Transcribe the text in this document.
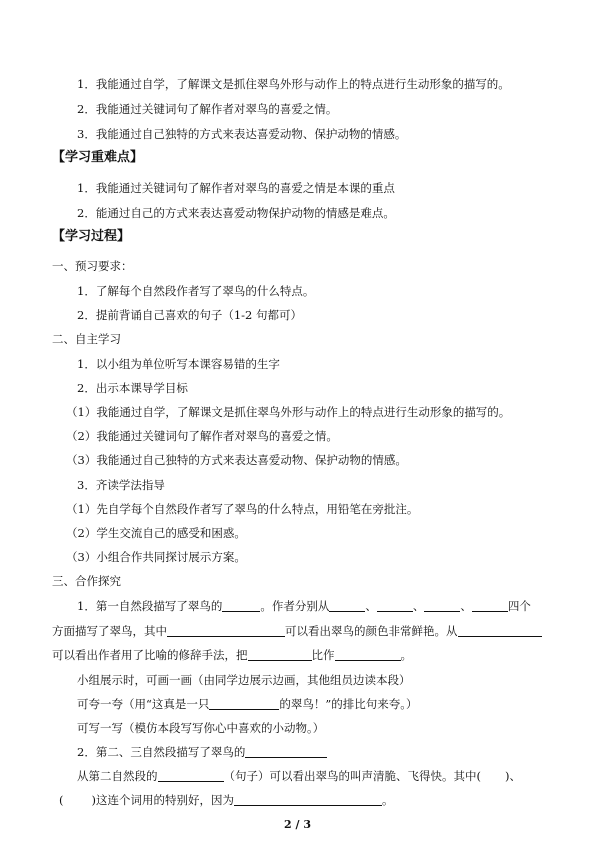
1．我能通过自学，了解课文是抓住翠鸟外形与动作上的特点进行生动形象的描写的。
2．我能通过关键词句了解作者对翠鸟的喜爱之情。
3．我能通过自己独特的方式来表达喜爱动物、保护动物的情感。
【学习重难点】
1．我能通过关键词句了解作者对翠鸟的喜爱之情是本课的重点
2．能通过自己的方式来表达喜爱动物保护动物的情感是难点。
【学习过程】
一、预习要求：
1．了解每个自然段作者写了翠鸟的什么特点。
2．提前背诵自己喜欢的句子（1-2 句都可）
二、自主学习
1．以小组为单位听写本课容易错的生字
2．出示本课导学目标
（1）我能通过自学，了解课文是抓住翠鸟外形与动作上的特点进行生动形象的描写的。
（2）我能通过关键词句了解作者对翠鸟的喜爱之情。
（3）我能通过自己独特的方式来表达喜爱动物、保护动物的情感。
3．齐读学法指导
（1）先自学每个自然段作者写了翠鸟的什么特点，用铅笔在旁批注。
（2）学生交流自己的感受和困惑。
（3）小组合作共同探讨展示方案。
三、合作探究
1．第一自然段描写了翠鸟的	。作者分别从	、	、	、	四个
方面描写了翠鸟，其中	可以看出翠鸟的颜色非常鲜艳。从
可以看出作者用了比喻的修辞手法，把	比作	。
小组展示时，可画一画（由同学边展示边画，其他组员边读本段）
可夸一夸（用“这真是一只	的翠鸟！”的排比句来夸。）
可写一写（模仿本段写写你心中喜欢的小动物。）
2．第二、三自然段描写了翠鸟的
从第二自然段的	（句子）可以看出翠鸟的叫声清脆、飞得快。其中( )、
( )这连个词用的特别好，因为	。
2 / 3
